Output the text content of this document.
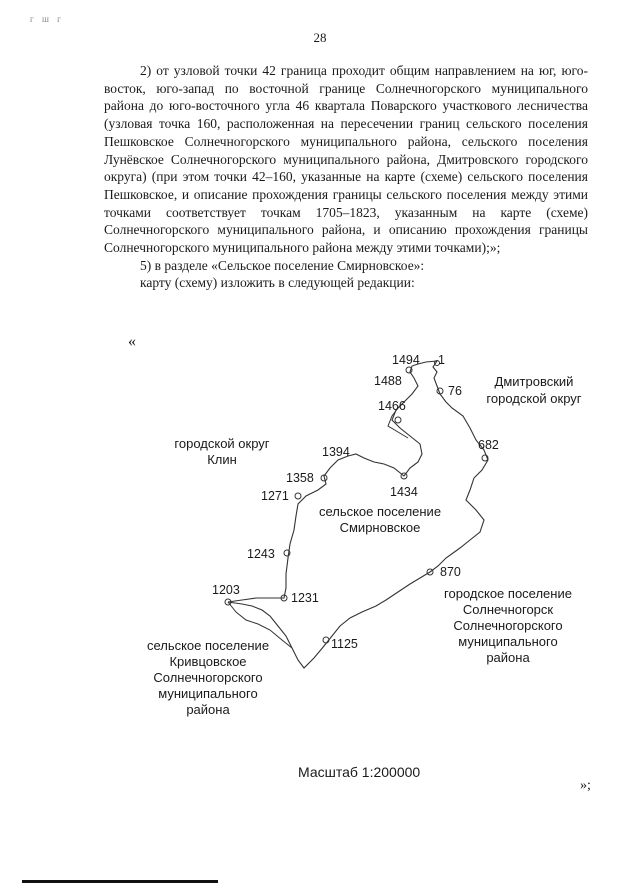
г ш г
28

2) от узловой точки 42 граница проходит общим направлением на юг, юго-восток, юго-запад по восточной границе Солнечногорского муниципального района до юго-восточного угла 46 квартала Поварского участкового лесничества (узловая точка 160, расположенная на пересечении границ сельского поселения Пешковское Солнечногорского муниципального района, сельского поселения Лунёвское Солнечногорского муниципального района, Дмитровского городского округа) (при этом точки 42–160, указанные на карте (схеме) сельского поселения Пешковское, и описание прохождения границы сельского поселения между этими точками соответствует точкам 1705–1823, указанным на карте (схеме) Солнечногорского муниципального района, и описанию прохождения границы Солнечногорского муниципального района между этими точками);»;

5) в разделе «Сельское поселение Смирновское»:

карту (схему) изложить в следующей редакции:

«
1494 1
1488
76
1466
682
1394
1358
1271	1434
1243
870
1203
1231
1125
Дмитровский
городской округ
городской округ
Клин
сельское поселение
Смирновское
городское поселение
Солнечногорск
Солнечногорского
муниципального
района
сельское поселение
Кривцовское
Солнечногорского
муниципального
района
Масштаб 1:200000
»;
